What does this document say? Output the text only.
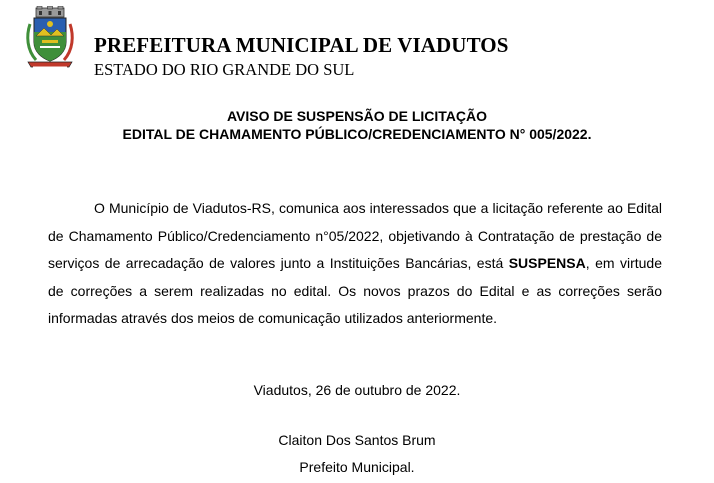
PREFEITURA MUNICIPAL DE VIADUTOS
ESTADO DO RIO GRANDE DO SUL
AVISO DE SUSPENSÃO DE LICITAÇÃO
EDITAL DE CHAMAMENTO PÚBLICO/CREDENCIAMENTO N° 005/2022.

O Município de Viadutos-RS, comunica aos interessados que a licitação referente ao Edital de Chamamento Público/Credenciamento n°05/2022, objetivando à Contratação de prestação de serviços de arrecadação de valores junto a Instituições Bancárias, está SUSPENSA, em virtude de correções a serem realizadas no edital. Os novos prazos do Edital e as correções serão informadas através dos meios de comunicação utilizados anteriormente.

Viadutos, 26 de outubro de 2022.
Claiton Dos Santos Brum
Prefeito Municipal.
